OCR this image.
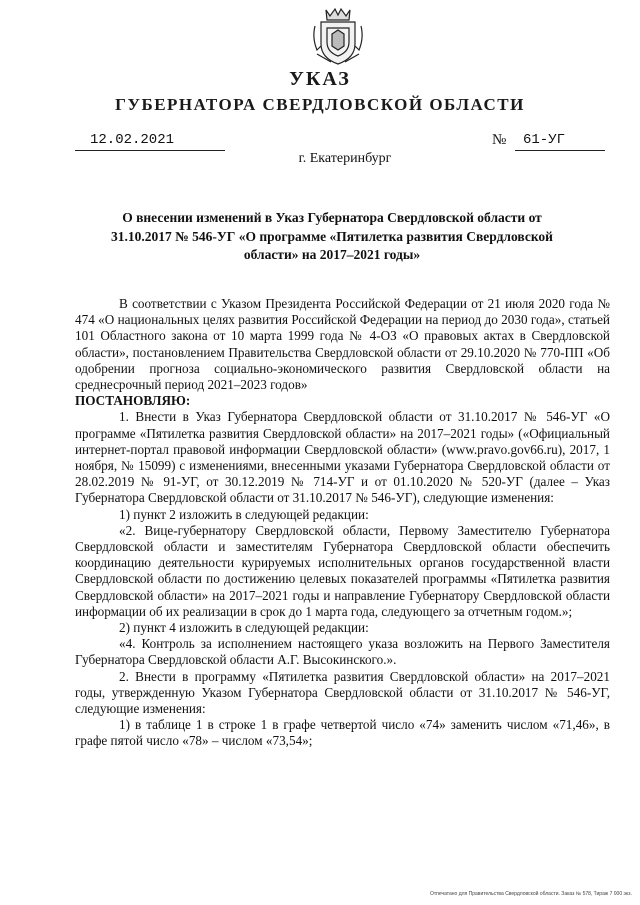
УКАЗ
ГУБЕРНАТОРА СВЕРДЛОВСКОЙ ОБЛАСТИ
12.02.2021	№ 61-УГ
г. Екатеринбург
О внесении изменений в Указ Губернатора Свердловской области от 31.10.2017 № 546-УГ «О программе «Пятилетка развития Свердловской области» на 2017–2021 годы»

В соответствии с Указом Президента Российской Федерации от 21 июля 2020 года № 474 «О национальных целях развития Российской Федерации на период до 2030 года», статьей 101 Областного закона от 10 марта 1999 года № 4-ОЗ «О правовых актах в Свердловской области», постановлением Правительства Свердловской области от 29.10.2020 № 770-ПП «Об одобрении прогноза социально-экономического развития Свердловской области на среднесрочный период 2021–2023 годов»

ПОСТАНОВЛЯЮ:

1. Внести в Указ Губернатора Свердловской области от 31.10.2017 № 546-УГ «О программе «Пятилетка развития Свердловской области» на 2017–2021 годы» («Официальный интернет-портал правовой информации Свердловской области» (www.pravo.gov66.ru), 2017, 1 ноября, № 15099) с изменениями, внесенными указами Губернатора Свердловской области от 28.02.2019 № 91-УГ, от 30.12.2019 № 714-УГ и от 01.10.2020 № 520-УГ (далее – Указ Губернатора Свердловской области от 31.10.2017 № 546-УГ), следующие изменения:

1) пункт 2 изложить в следующей редакции:

«2. Вице-губернатору Свердловской области, Первому Заместителю Губернатора Свердловской области и заместителям Губернатора Свердловской области обеспечить координацию деятельности курируемых исполнительных органов государственной власти Свердловской области по достижению целевых показателей программы «Пятилетка развития Свердловской области» на 2017–2021 годы и направление Губернатору Свердловской области информации об их реализации в срок до 1 марта года, следующего за отчетным годом.»;

2) пункт 4 изложить в следующей редакции:

«4. Контроль за исполнением настоящего указа возложить на Первого Заместителя Губернатора Свердловской области А.Г. Высокинского.».

2. Внести в программу «Пятилетка развития Свердловской области» на 2017–2021 годы, утвержденную Указом Губернатора Свердловской области от 31.10.2017 № 546-УГ, следующие изменения:

1) в таблице 1 в строке 1 в графе четвертой число «74» заменить числом «71,46», в графе пятой число «78» – числом «73,54»;

Отпечатано для Правительства Свердловской области. Заказ № 578, Тираж 7 000 экз.
